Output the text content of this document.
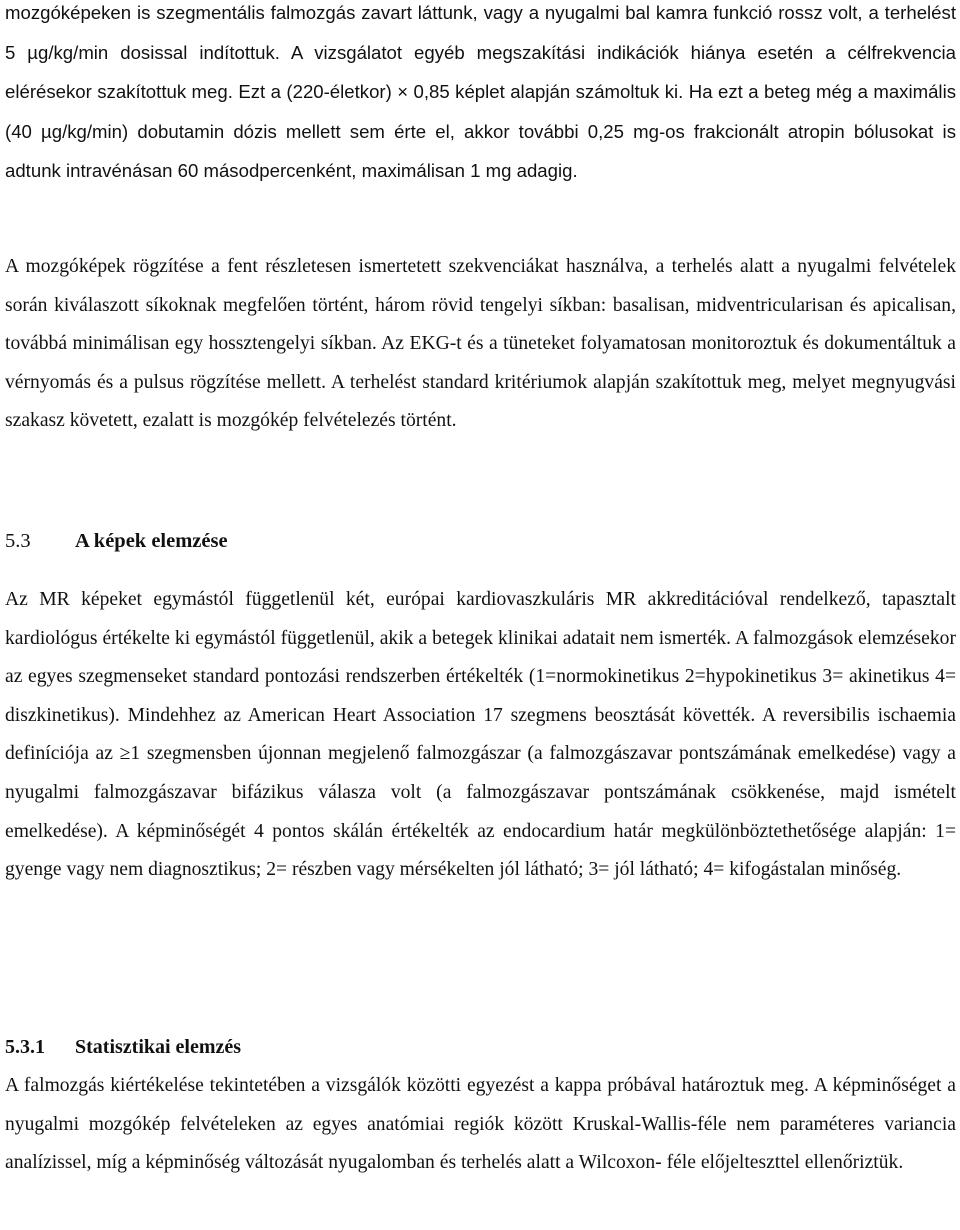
mozgóképeken is szegmentális falmozgás zavart láttunk, vagy a nyugalmi bal kamra funkció rossz volt, a terhelést 5 µg/kg/min dosissal indítottuk. A vizsgálatot egyéb megszakítási indikációk hiánya esetén a célfrekvencia elérésekor szakítottuk meg. Ezt a (220-életkor) × 0,85 képlet alapján számoltuk ki. Ha ezt a beteg még a maximális (40 µg/kg/min) dobutamin dózis mellett sem érte el, akkor további 0,25 mg-os frakcionált atropin bólusokat is adtunk intravénásan 60 másodpercenként, maximálisan 1 mg adagig.

A mozgóképek rögzítése a fent részletesen ismertetett szekvenciákat használva, a terhelés alatt a nyugalmi felvételek során kiválaszott síkoknak megfelően történt, három rövid tengelyi síkban: basalisan, midventricularisan és apicalisan, továbbá minimálisan egy hossztengelyi síkban. Az EKG-t és a tüneteket folyamatosan monitoroztuk és dokumentáltuk a vérnyomás és a pulsus rögzítése mellett. A terhelést standard kritériumok alapján szakítottuk meg, melyet megnyugvási szakasz követett, ezalatt is mozgókép felvételezés történt.

5.3 A képek elemzése

Az MR képeket egymástól függetlenül két, európai kardiovaszkuláris MR akkreditációval rendelkező, tapasztalt kardiológus értékelte ki egymástól függetlenül, akik a betegek klinikai adatait nem ismerték. A falmozgások elemzésekor az egyes szegmenseket standard pontozási rendszerben értékelték (1=normokinetikus 2=hypokinetikus 3= akinetikus 4= diszkinetikus). Mindehhez az American Heart Association 17 szegmens beosztását követték. A reversibilis ischaemia definíciója az ≥1 szegmensben újonnan megjelenő falmozgászar (a falmozgászavar pontszámának emelkedése) vagy a nyugalmi falmozgászavar bifázikus válasza volt (a falmozgászavar pontszámának csökkenése, majd ismételt emelkedése). A képminőségét 4 pontos skálán értékelték az endocardium határ megkülönböztethetősége alapján: 1= gyenge vagy nem diagnosztikus; 2= részben vagy mérsékelten jól látható; 3= jól látható; 4= kifogástalan minőség.

5.3.1 Statisztikai elemzés

A falmozgás kiértékelése tekintetében a vizsgálók közötti egyezést a kappa próbával határoztuk meg. A képminőséget a nyugalmi mozgókép felvételeken az egyes anatómiai regiók között Kruskal-Wallis-féle nem paraméteres variancia analízissel, míg a képminőség változását nyugalomban és terhelés alatt a Wilcoxon- féle előjelteszttel ellenőriztük.
